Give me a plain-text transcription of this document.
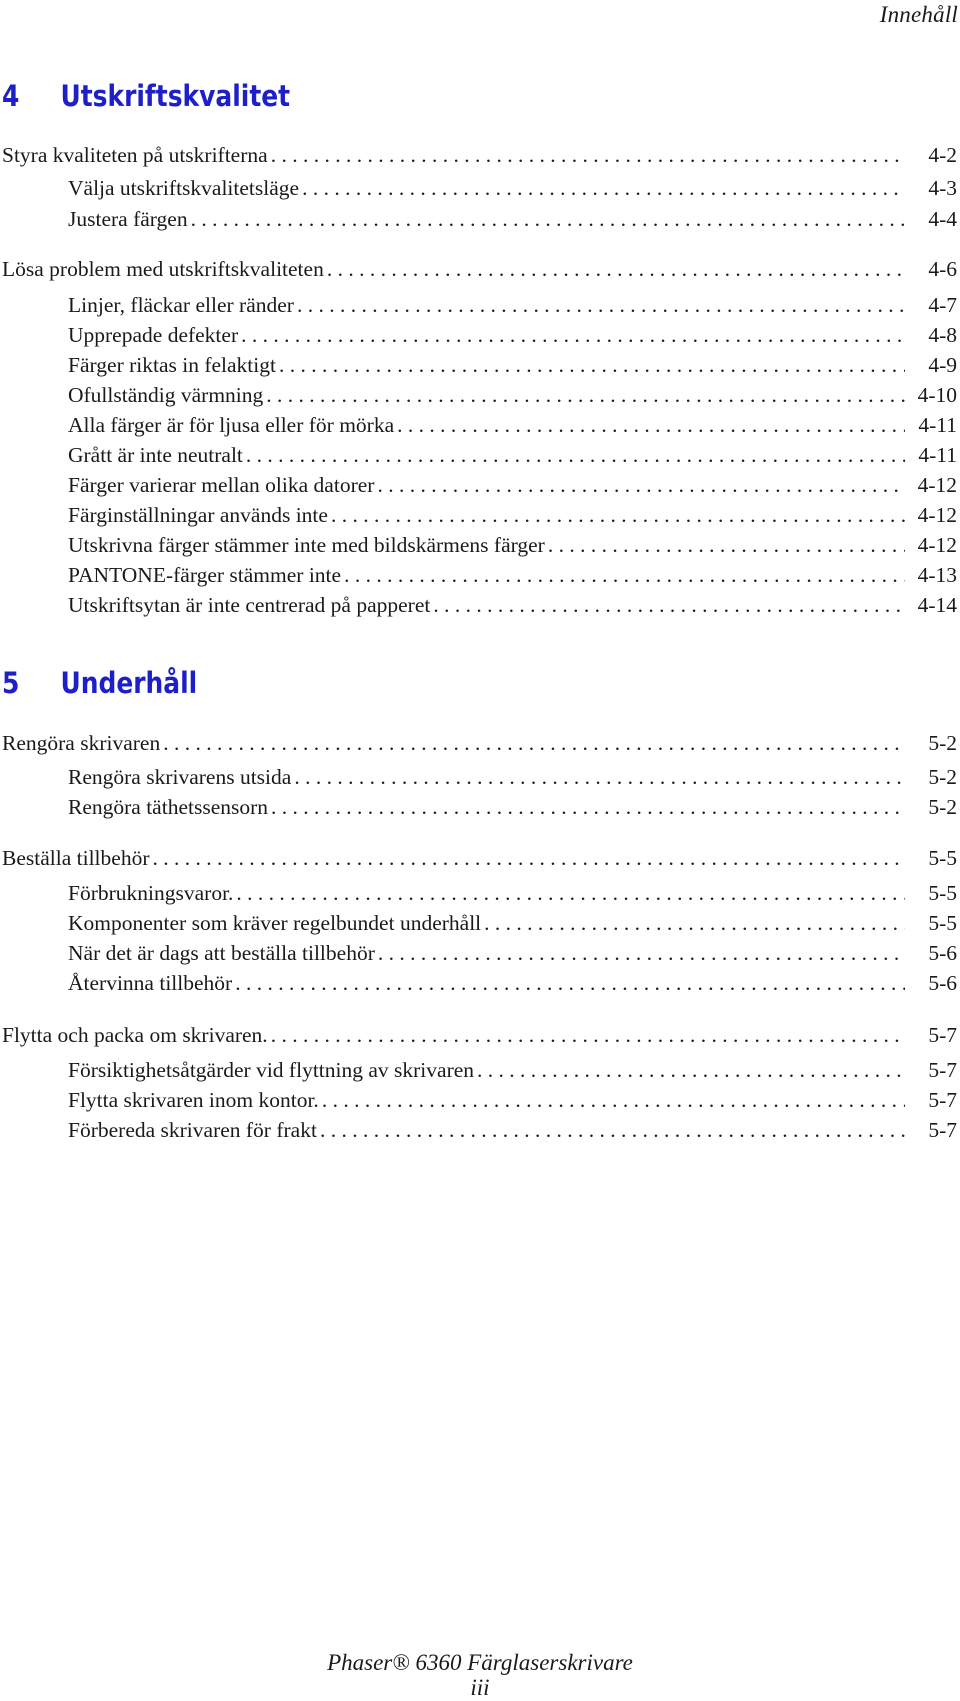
Innehåll
4 Utskriftskvalitet
Styra kvaliteten på utskrifterna . . .	4-2
Välja utskriftskvalitetsläge . . .	4-3
Justera färgen . . .	4-4
Lösa problem med utskriftskvaliteten . . .	4-6
Linjer, fläckar eller ränder . . .	4-7
Upprepade defekter . . .	4-8
Färger riktas in felaktigt . . .	4-9
Ofullständig värmning . . .	4-10
Alla färger är för ljusa eller för mörka . . .	4-11
Grått är inte neutralt . . .	4-11
Färger varierar mellan olika datorer . . .	4-12
Färginställningar används inte . . .	4-12
Utskrivna färger stämmer inte med bildskärmens färger . . .	4-12
PANTONE-färger stämmer inte . . .	4-13
Utskriftsytan är inte centrerad på papperet . . .	4-14
5 Underhåll
Rengöra skrivaren . . .	5-2
Rengöra skrivarens utsida . . .	5-2
Rengöra täthetssensorn . . .	5-2
Beställa tillbehör . . .	5-5
Förbrukningsvaror. . . .	5-5
Komponenter som kräver regelbundet underhåll . . .	5-5
När det är dags att beställa tillbehör . . .	5-6
Återvinna tillbehör . . .	5-6
Flytta och packa om skrivaren. . . .	5-7
Försiktighetsåtgärder vid flyttning av skrivaren . . .	5-7
Flytta skrivaren inom kontor. . . .	5-7
Förbereda skrivaren för frakt . . .	5-7
Phaser® 6360 Färglaserskrivare
iii
